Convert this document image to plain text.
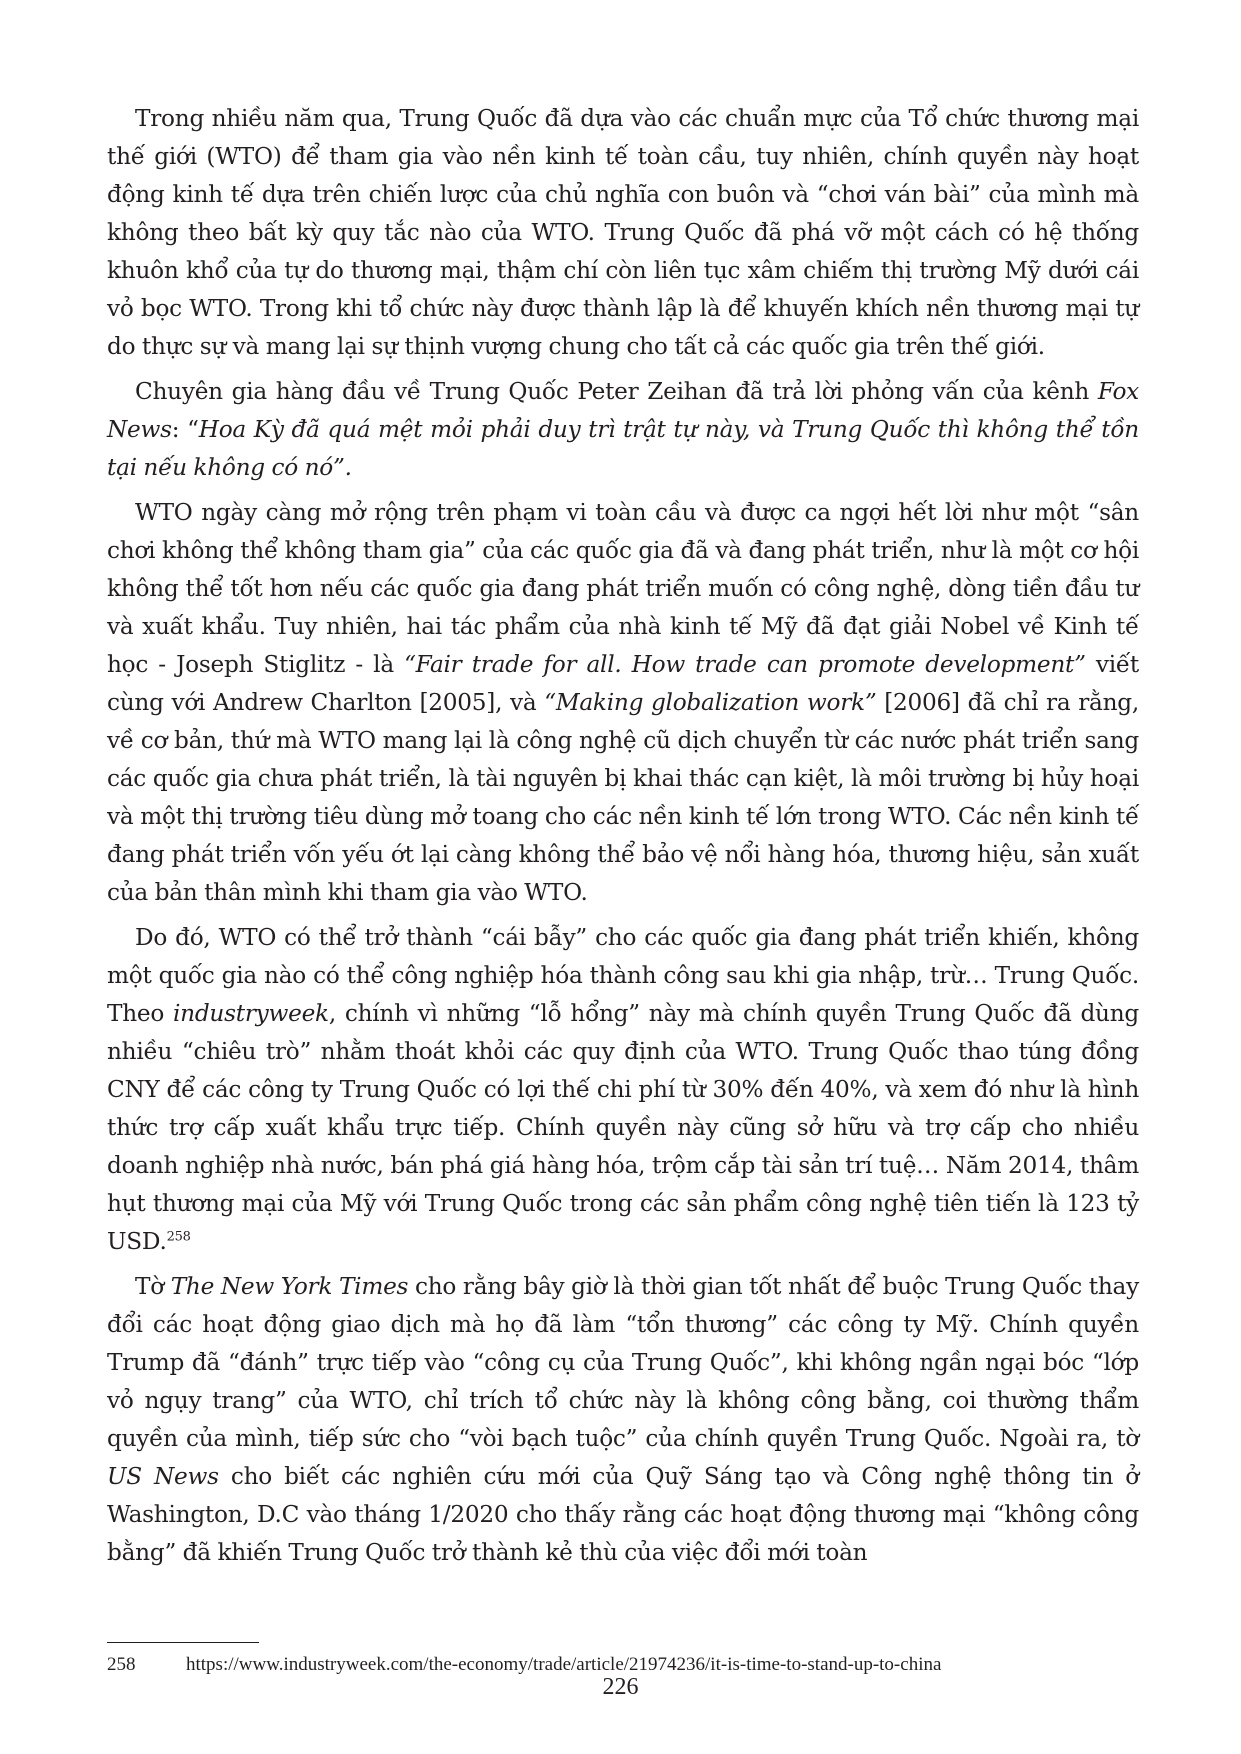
Trong nhiều năm qua, Trung Quốc đã dựa vào các chuẩn mực của Tổ chức thương mại thế giới (WTO) để tham gia vào nền kinh tế toàn cầu, tuy nhiên, chính quyền này hoạt động kinh tế dựa trên chiến lược của chủ nghĩa con buôn và “chơi ván bài” của mình mà không theo bất kỳ quy tắc nào của WTO. Trung Quốc đã phá vỡ một cách có hệ thống khuôn khổ của tự do thương mại, thậm chí còn liên tục xâm chiếm thị trường Mỹ dưới cái vỏ bọc WTO. Trong khi tổ chức này được thành lập là để khuyến khích nền thương mại tự do thực sự và mang lại sự thịnh vượng chung cho tất cả các quốc gia trên thế giới.

Chuyên gia hàng đầu về Trung Quốc Peter Zeihan đã trả lời phỏng vấn của kênh Fox News: “Hoa Kỳ đã quá mệt mỏi phải duy trì trật tự này, và Trung Quốc thì không thể tồn tại nếu không có nó”.

WTO ngày càng mở rộng trên phạm vi toàn cầu và được ca ngợi hết lời như một “sân chơi không thể không tham gia” của các quốc gia đã và đang phát triển, như là một cơ hội không thể tốt hơn nếu các quốc gia đang phát triển muốn có công nghệ, dòng tiền đầu tư và xuất khẩu. Tuy nhiên, hai tác phẩm của nhà kinh tế Mỹ đã đạt giải Nobel về Kinh tế học - Joseph Stiglitz - là “Fair trade for all. How trade can promote development” viết cùng với Andrew Charlton [2005], và “Making globalization work” [2006] đã chỉ ra rằng, về cơ bản, thứ mà WTO mang lại là công nghệ cũ dịch chuyển từ các nước phát triển sang các quốc gia chưa phát triển, là tài nguyên bị khai thác cạn kiệt, là môi trường bị hủy hoại và một thị trường tiêu dùng mở toang cho các nền kinh tế lớn trong WTO. Các nền kinh tế đang phát triển vốn yếu ớt lại càng không thể bảo vệ nổi hàng hóa, thương hiệu, sản xuất của bản thân mình khi tham gia vào WTO.

Do đó, WTO có thể trở thành “cái bẫy” cho các quốc gia đang phát triển khiến, không một quốc gia nào có thể công nghiệp hóa thành công sau khi gia nhập, trừ… Trung Quốc. Theo industryweek, chính vì những “lỗ hổng” này mà chính quyền Trung Quốc đã dùng nhiều “chiêu trò” nhằm thoát khỏi các quy định của WTO. Trung Quốc thao túng đồng CNY để các công ty Trung Quốc có lợi thế chi phí từ 30% đến 40%, và xem đó như là hình thức trợ cấp xuất khẩu trực tiếp. Chính quyền này cũng sở hữu và trợ cấp cho nhiều doanh nghiệp nhà nước, bán phá giá hàng hóa, trộm cắp tài sản trí tuệ… Năm 2014, thâm hụt thương mại của Mỹ với Trung Quốc trong các sản phẩm công nghệ tiên tiến là 123 tỷ USD.$^{258}$

Tờ The New York Times cho rằng bây giờ là thời gian tốt nhất để buộc Trung Quốc thay đổi các hoạt động giao dịch mà họ đã làm “tổn thương” các công ty Mỹ. Chính quyền Trump đã “đánh” trực tiếp vào “công cụ của Trung Quốc”, khi không ngần ngại bóc “lớp vỏ ngụy trang” của WTO, chỉ trích tổ chức này là không công bằng, coi thường thẩm quyền của mình, tiếp sức cho “vòi bạch tuộc” của chính quyền Trung Quốc. Ngoài ra, tờ US News cho biết các nghiên cứu mới của Quỹ Sáng tạo và Công nghệ thông tin ở Washington, D.C vào tháng 1/2020 cho thấy rằng các hoạt động thương mại “không công bằng” đã khiến Trung Quốc trở thành kẻ thù của việc đổi mới toàn

258	https://www.industryweek.com/the-economy/trade/article/21974236/it-is-time-to-stand-up-to-china
226
